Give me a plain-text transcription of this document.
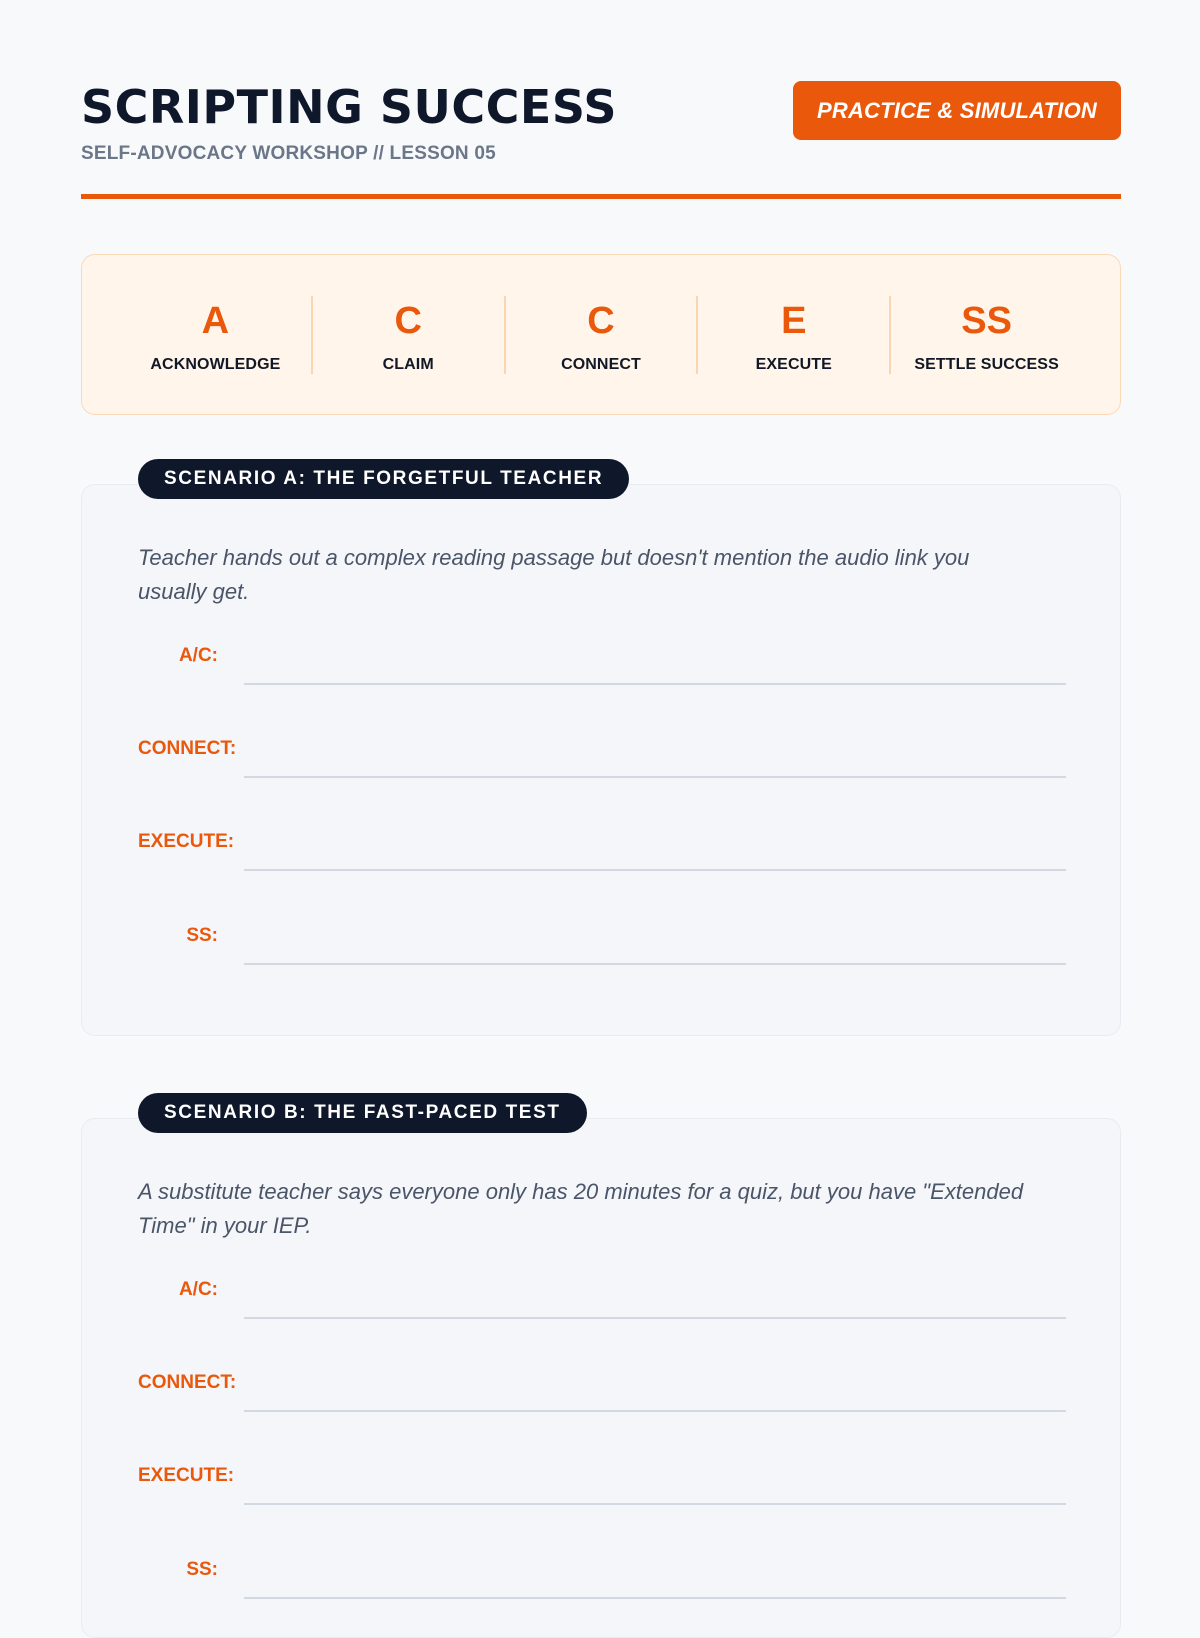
SCRIPTING SUCCESS
SELF-ADVOCACY WORKSHOP // LESSON 05
PRACTICE & SIMULATION
A
ACKNOWLEDGE
C
CLAIM
C
CONNECT
E
EXECUTE
SS
SETTLE SUCCESS
Teacher hands out a complex reading passage but doesn't mention the audio link you usually get.
A/C:
CONNECT:
EXECUTE:
SS:
SCENARIO A: THE FORGETFUL TEACHER
A substitute teacher says everyone only has 20 minutes for a quiz, but you have "Extended Time" in your IEP.
A/C:
CONNECT:
EXECUTE:
SS:
SCENARIO B: THE FAST-PACED TEST
